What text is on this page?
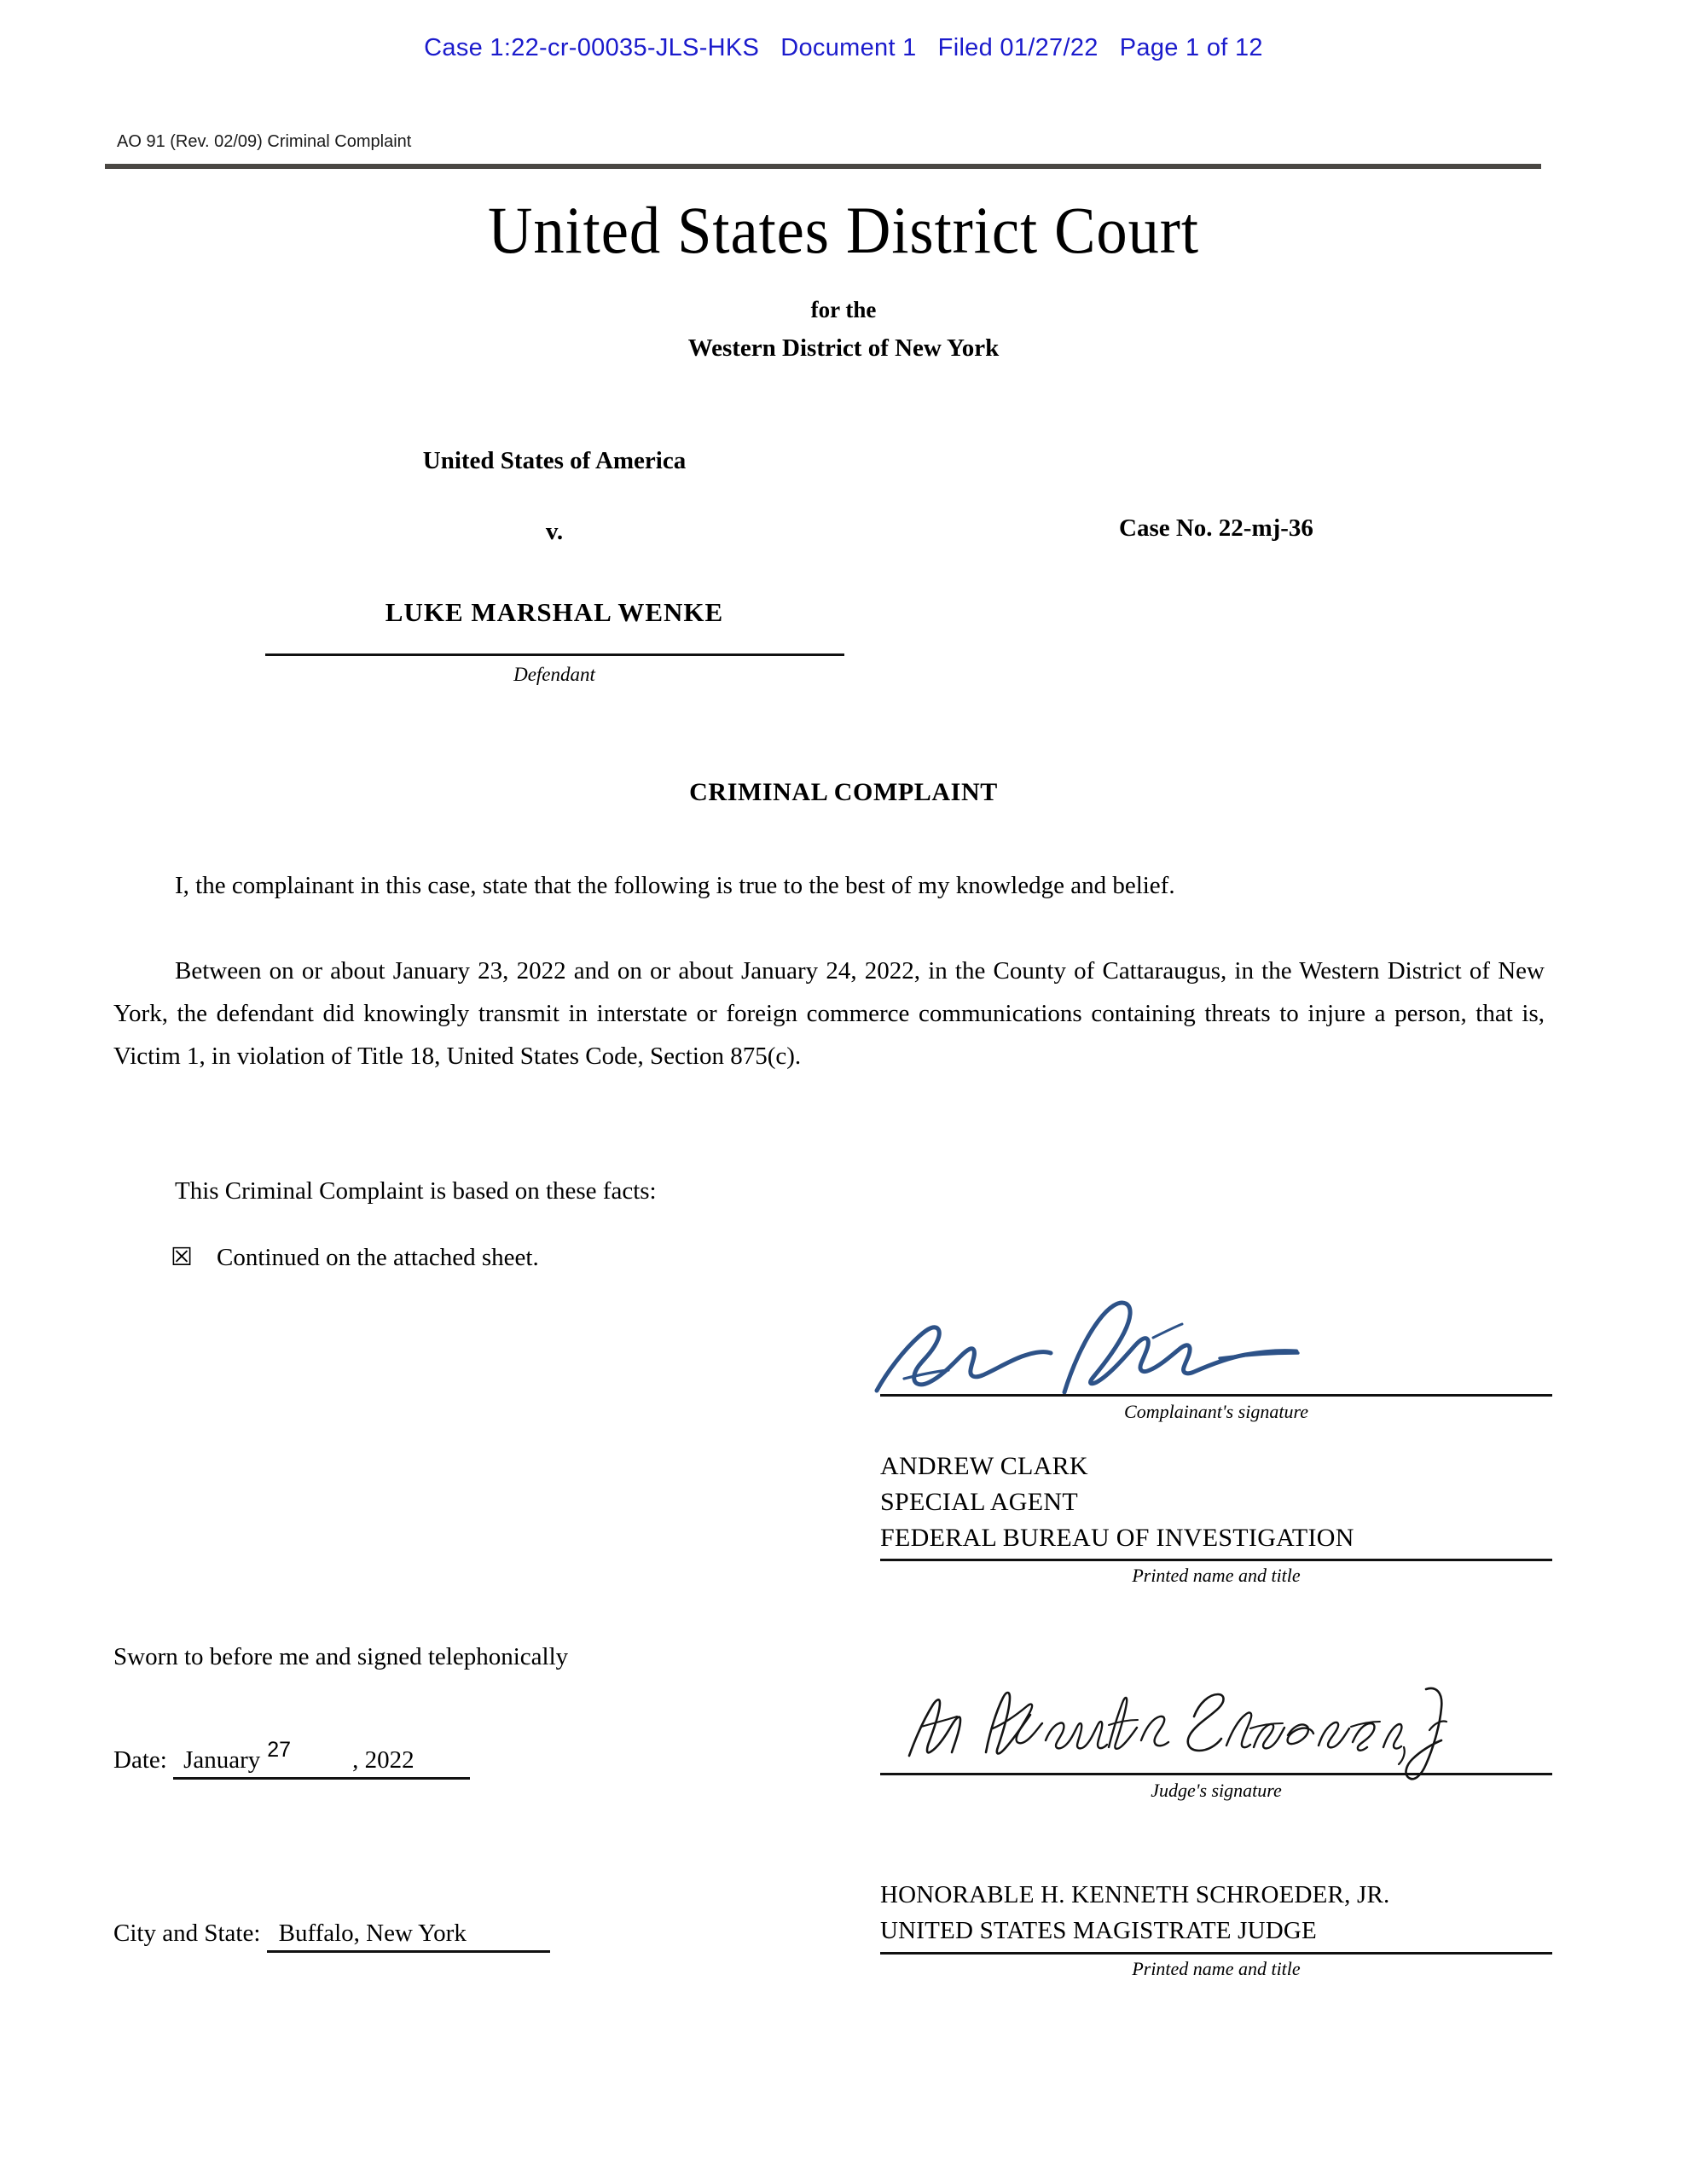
Case 1:22-cr-00035-JLS-HKS   Document 1   Filed 01/27/22   Page 1 of 12
AO 91 (Rev. 02/09) Criminal Complaint
United States District Court
for the
Western District of New York
United States of America
v.
LUKE MARSHAL WENKE
Defendant
Case No. 22-mj-36
CRIMINAL COMPLAINT
I, the complainant in this case, state that the following is true to the best of my knowledge and belief.
Between on or about January 23, 2022 and on or about January 24, 2022, in the County of Cattaraugus, in the Western District of New York, the defendant did knowingly transmit in interstate or foreign commerce communications containing threats to injure a person, that is, Victim 1, in violation of Title 18, United States Code, Section 875(c).
This Criminal Complaint is based on these facts:
☒ Continued on the attached sheet.
Complainant's signature
ANDREW CLARK
SPECIAL AGENT
FEDERAL BUREAU OF INVESTIGATION
Printed name and title
Sworn to before me and signed telephonically
Date: January 27 , 2022
Judge's signature
City and State: Buffalo, New York
HONORABLE H. KENNETH SCHROEDER, JR.
UNITED STATES MAGISTRATE JUDGE
Printed name and title
